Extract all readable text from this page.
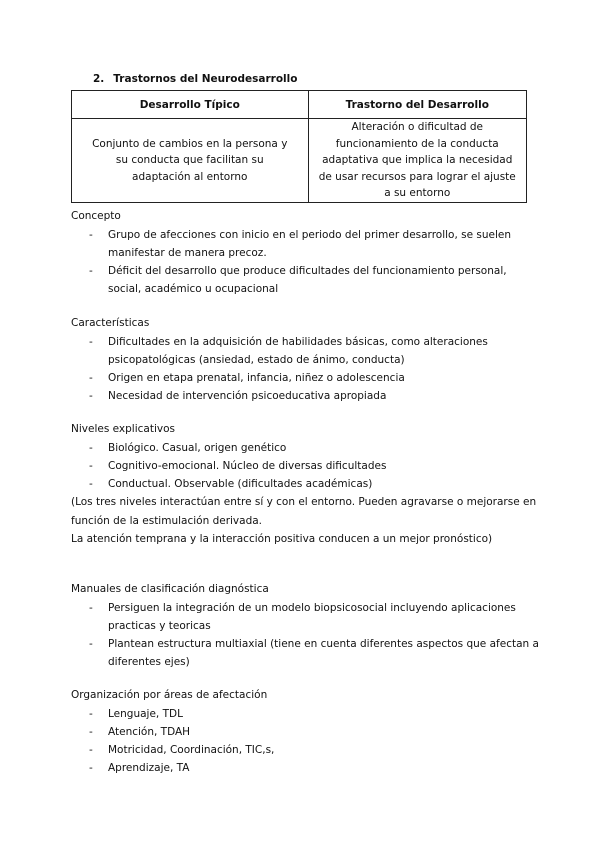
2. Trastornos del Neurodesarrollo
Desarrollo Típico	Trastorno del Desarrollo
Conjunto de cambios en la persona y su conducta que facilitan su adaptación al entorno	Alteración o dificultad de funcionamiento de la conducta adaptativa que implica la necesidad de usar recursos para lograr el ajuste a su entorno
Concepto
- Grupo de afecciones con inicio en el periodo del primer desarrollo, se suelen manifestar de manera precoz.
- Déficit del desarrollo que produce dificultades del funcionamiento personal, social, académico u ocupacional
Características
- Dificultades en la adquisición de habilidades básicas, como alteraciones psicopatológicas (ansiedad, estado de ánimo, conducta)
- Origen en etapa prenatal, infancia, niñez o adolescencia
- Necesidad de intervención psicoeducativa apropiada
Niveles explicativos
- Biológico. Casual, origen genético
- Cognitivo-emocional. Núcleo de diversas dificultades
- Conductual. Observable (dificultades académicas)
(Los tres niveles interactúan entre sí y con el entorno. Pueden agravarse o mejorarse en función de la estimulación derivada.
La atención temprana y la interacción positiva conducen a un mejor pronóstico)
Manuales de clasificación diagnóstica
- Persiguen la integración de un modelo biopsicosocial incluyendo aplicaciones practicas y teoricas
- Plantean estructura multiaxial (tiene en cuenta diferentes aspectos que afectan a diferentes ejes)
Organización por áreas de afectación
- Lenguaje, TDL
- Atención, TDAH
- Motricidad, Coordinación, TIC,s,
- Aprendizaje, TA
